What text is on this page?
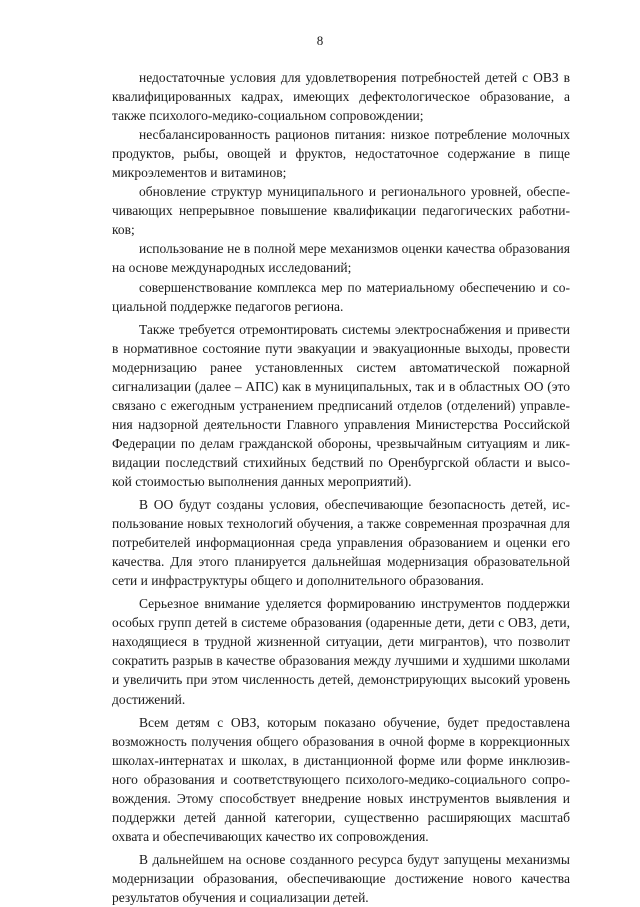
8

недостаточные условия для удовлетворения потребностей детей с ОВЗ в квалифицированных кадрах, имеющих дефектологическое образование, а также психолого-медико-социальном сопровождении;

несбалансированность рационов питания: низкое потребление молочных продуктов, рыбы, овощей и фруктов, недостаточное содержание в пище микроэлементов и витаминов;

обновление структур муниципального и регионального уровней, обеспечивающих непрерывное повышение квалификации педагогических работников;

использование не в полной мере механизмов оценки качества образования на основе международных исследований;

совершенствование комплекса мер по материальному обеспечению и социальной поддержке педагогов региона.

Также требуется отремонтировать системы электроснабжения и привести в нормативное состояние пути эвакуации и эвакуационные выходы, провести модернизацию ранее установленных систем автоматической пожарной сигнализации (далее – АПС) как в муниципальных, так и в областных ОО (это связано с ежегодным устранением предписаний отделов (отделений) управления надзорной деятельности Главного управления Министерства Российской Федерации по делам гражданской обороны, чрезвычайным ситуациям и ликвидации последствий стихийных бедствий по Оренбургской области и высокой стоимостью выполнения данных мероприятий).

В ОО будут созданы условия, обеспечивающие безопасность детей, использование новых технологий обучения, а также современная прозрачная для потребителей информационная среда управления образованием и оценки его качества. Для этого планируется дальнейшая модернизация образовательной сети и инфраструктуры общего и дополнительного образования.

Серьезное внимание уделяется формированию инструментов поддержки особых групп детей в системе образования (одаренные дети, дети с ОВЗ, дети, находящиеся в трудной жизненной ситуации, дети мигрантов), что позволит сократить разрыв в качестве образования между лучшими и худшими школами и увеличить при этом численность детей, демонстрирующих высокий уровень достижений.

Всем детям с ОВЗ, которым показано обучение, будет предоставлена возможность получения общего образования в очной форме в коррекционных школах-интернатах и школах, в дистанционной форме или форме инклюзивного образования и соответствующего психолого-медико-социального сопровождения. Этому способствует внедрение новых инструментов выявления и поддержки детей данной категории, существенно расширяющих масштаб охвата и обеспечивающих качество их сопровождения.

В дальнейшем на основе созданного ресурса будут запущены механизмы модернизации образования, обеспечивающие достижение нового качества результатов обучения и социализации детей.
